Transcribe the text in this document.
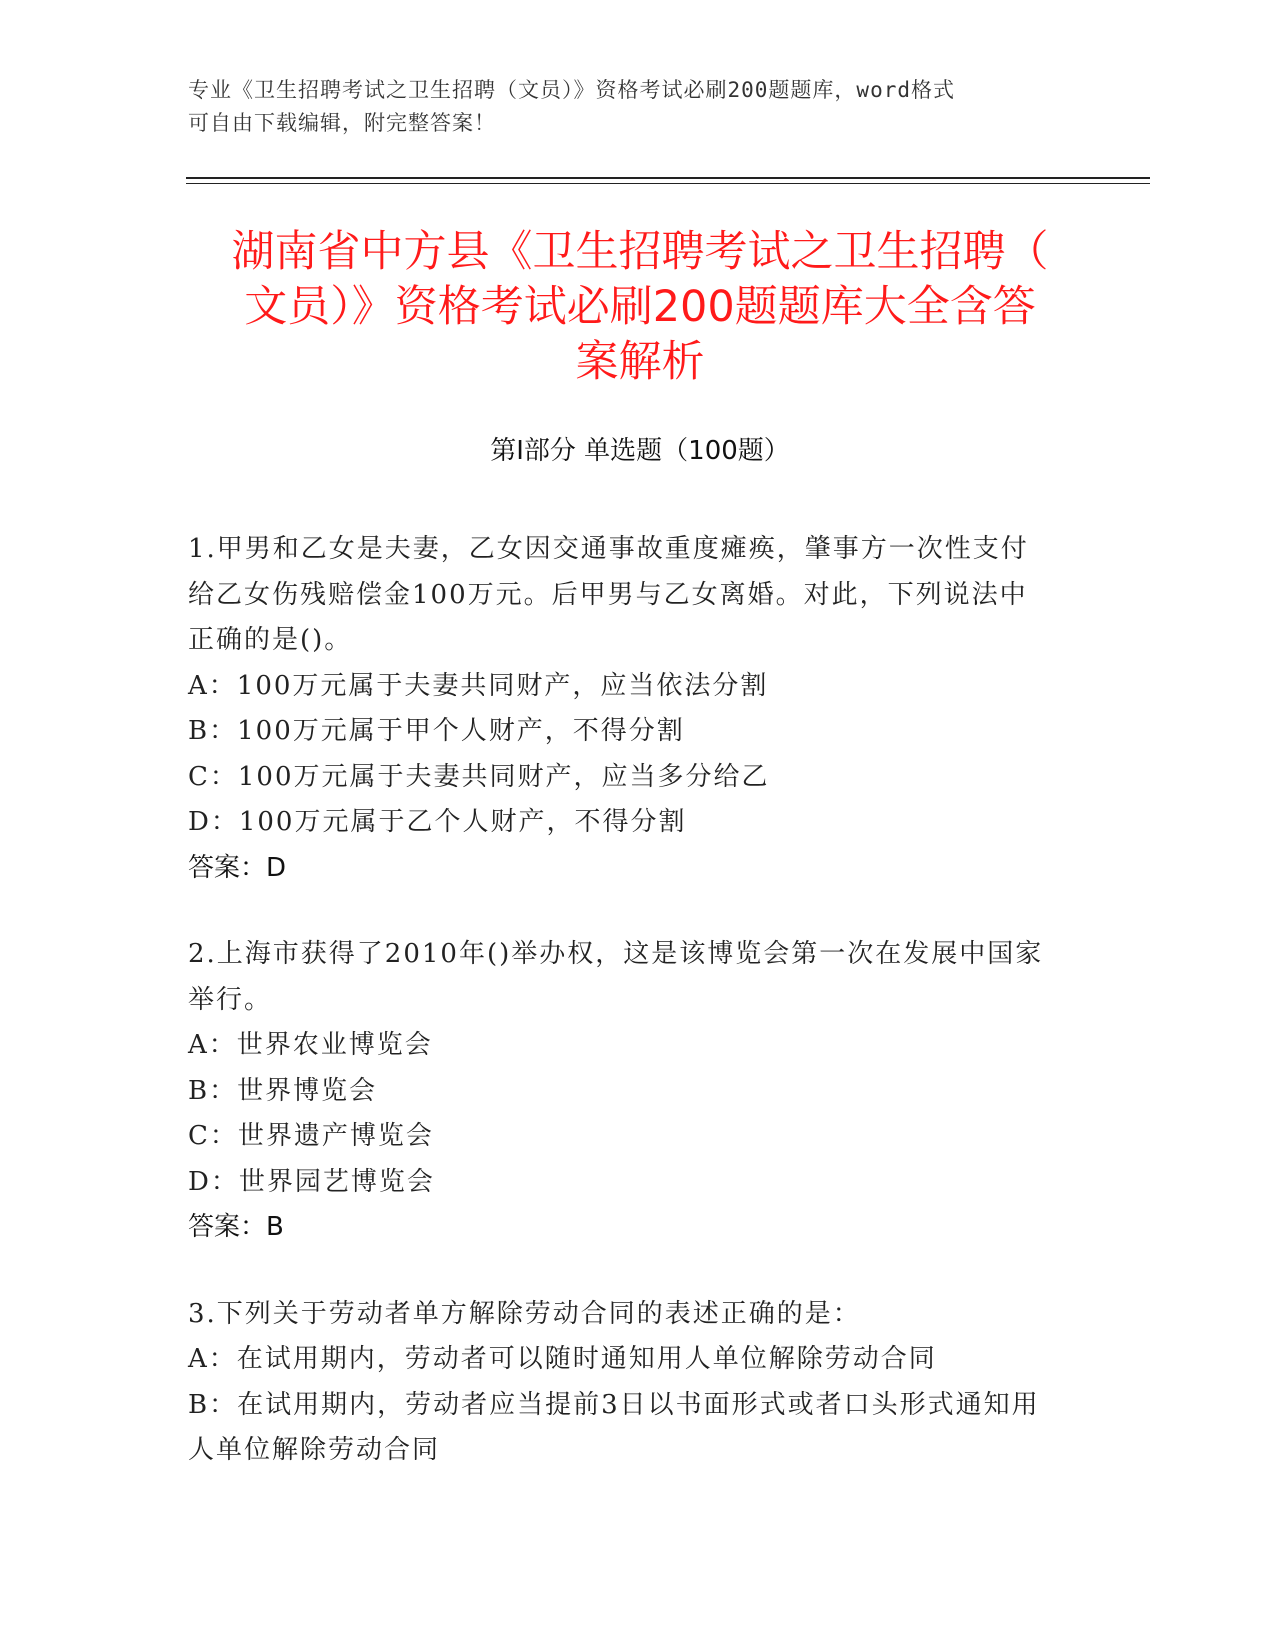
专业《卫生招聘考试之卫生招聘（文员）》资格考试必刷200题题库，word格式
可自由下载编辑，附完整答案！
湖南省中方县《卫生招聘考试之卫生招聘（
文员）》资格考试必刷200题题库大全含答
案解析
第Ⅰ部分 单选题（100题）

1.甲男和乙女是夫妻，乙女因交通事故重度瘫痪，肇事方一次性支付

给乙女伤残赔偿金100万元。后甲男与乙女离婚。对此，下列说法中

正确的是()。

A：100万元属于夫妻共同财产，应当依法分割

B：100万元属于甲个人财产，不得分割

C：100万元属于夫妻共同财产，应当多分给乙

D：100万元属于乙个人财产，不得分割

答案：D

2.上海市获得了2010年()举办权，这是该博览会第一次在发展中国家

举行。

A：世界农业博览会

B：世界博览会

C：世界遗产博览会

D：世界园艺博览会

答案：B

3.下列关于劳动者单方解除劳动合同的表述正确的是：

A：在试用期内，劳动者可以随时通知用人单位解除劳动合同

B：在试用期内，劳动者应当提前3日以书面形式或者口头形式通知用

人单位解除劳动合同
